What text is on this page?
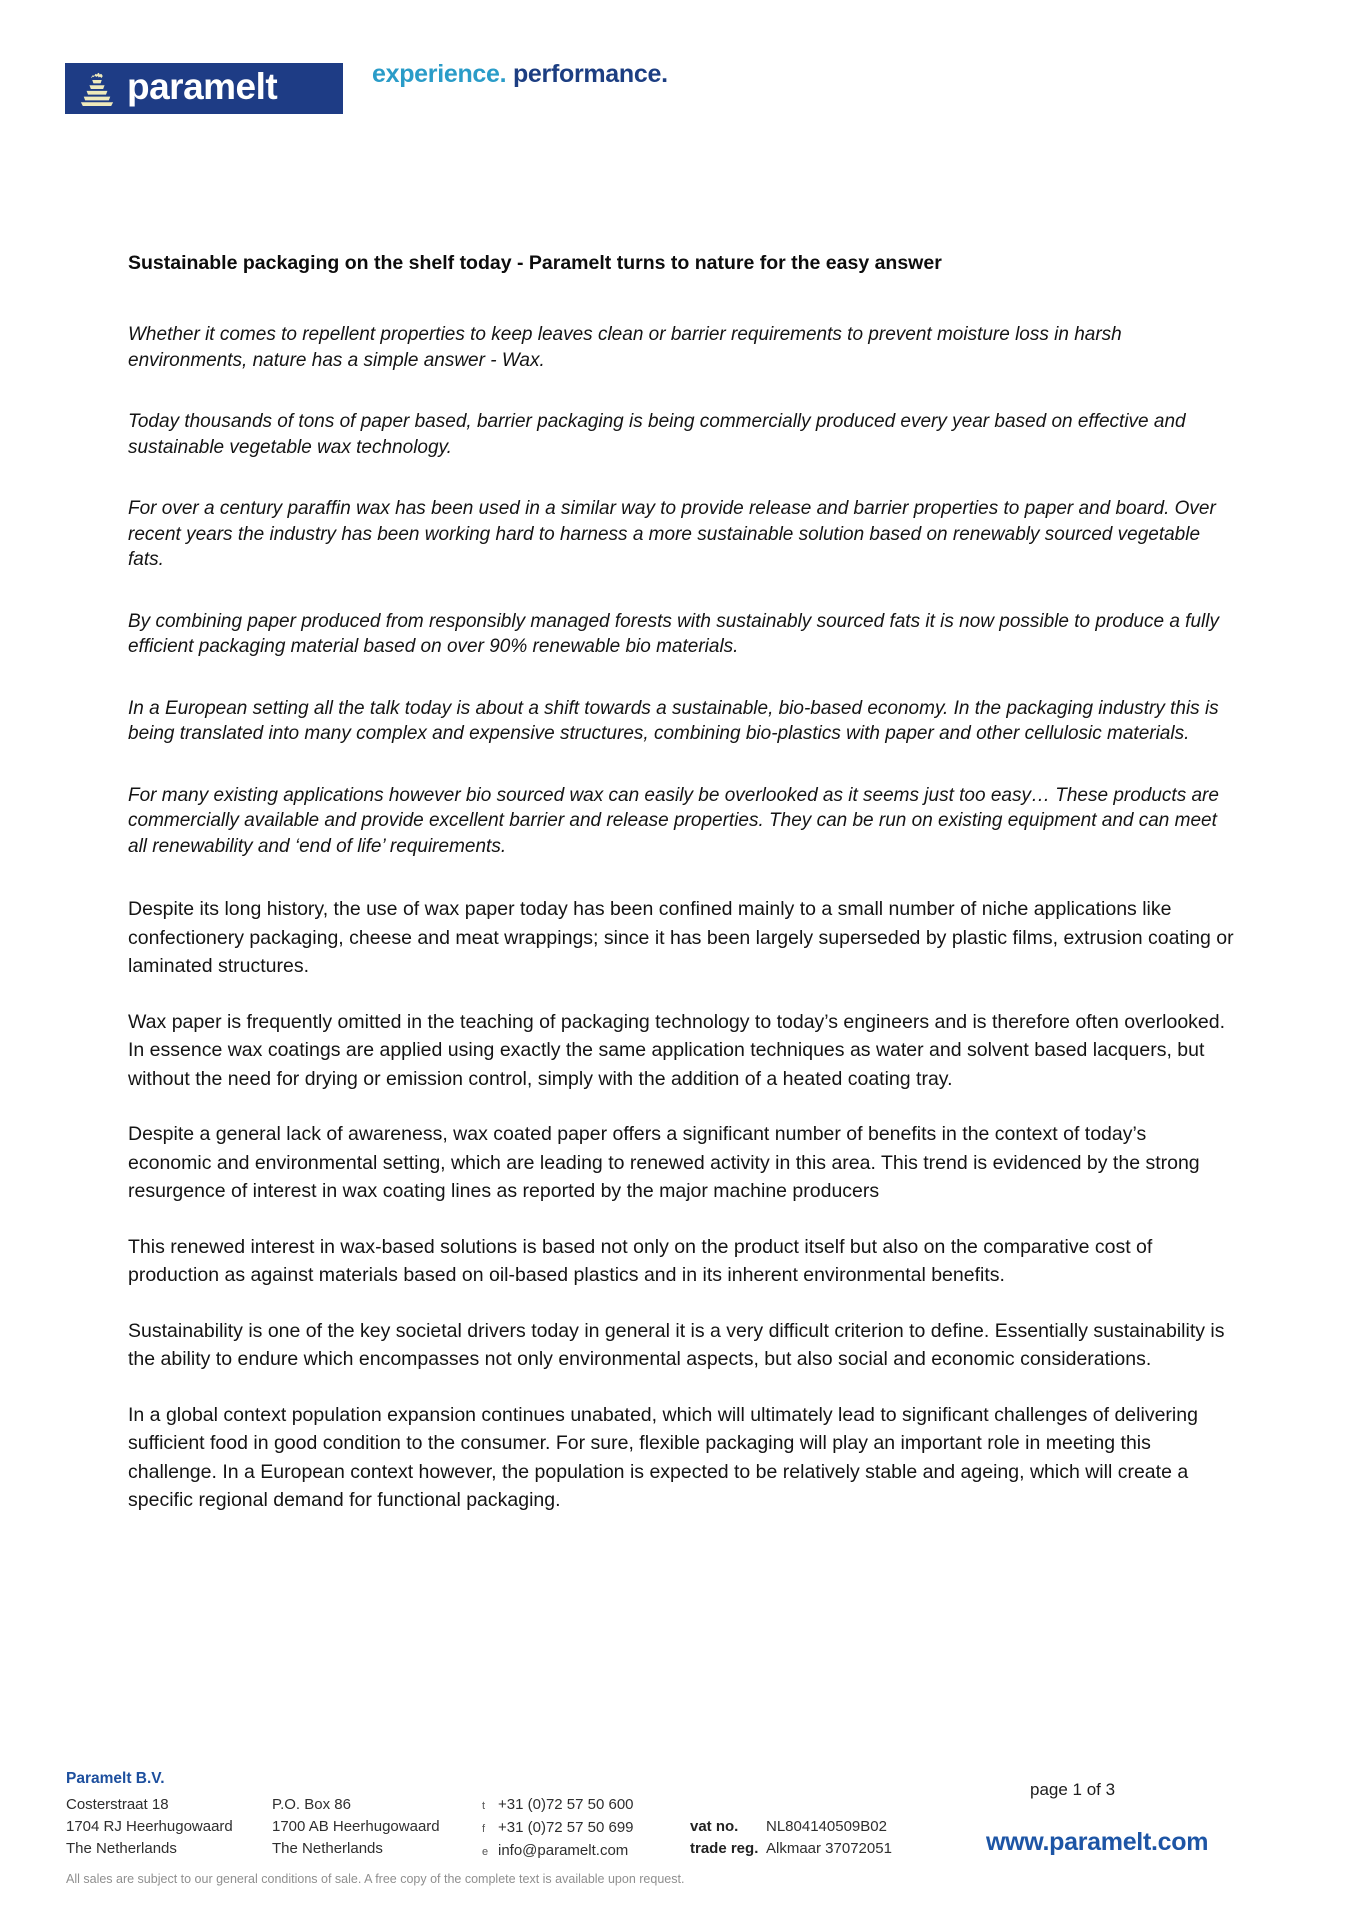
paramelt	experience. performance.
Sustainable packaging on the shelf today - Paramelt turns to nature for the easy answer

Whether it comes to repellent properties to keep leaves clean or barrier requirements to prevent moisture loss in harsh environments, nature has a simple answer - Wax.

Today thousands of tons of paper based, barrier packaging is being commercially produced every year based on effective and sustainable vegetable wax technology.

For over a century paraffin wax has been used in a similar way to provide release and barrier properties to paper and board. Over recent years the industry has been working hard to harness a more sustainable solution based on renewably sourced vegetable fats.

By combining paper produced from responsibly managed forests with sustainably sourced fats it is now possible to produce a fully efficient packaging material based on over 90% renewable bio materials.

In a European setting all the talk today is about a shift towards a sustainable, bio-based economy. In the packaging industry this is being translated into many complex and expensive structures, combining bio-plastics with paper and other cellulosic materials.

For many existing applications however bio sourced wax can easily be overlooked as it seems just too easy… These products are commercially available and provide excellent barrier and release properties. They can be run on existing equipment and can meet all renewability and ‘end of life’ requirements.

Despite its long history, the use of wax paper today has been confined mainly to a small number of niche applications like confectionery packaging, cheese and meat wrappings; since it has been largely superseded by plastic films, extrusion coating or laminated structures.

Wax paper is frequently omitted in the teaching of packaging technology to today’s engineers and is therefore often overlooked. In essence wax coatings are applied using exactly the same application techniques as water and solvent based lacquers, but without the need for drying or emission control, simply with the addition of a heated coating tray.

Despite a general lack of awareness, wax coated paper offers a significant number of benefits in the context of today’s economic and environmental setting, which are leading to renewed activity in this area. This trend is evidenced by the strong resurgence of interest in wax coating lines as reported by the major machine producers

This renewed interest in wax-based solutions is based not only on the product itself but also on the comparative cost of production as against materials based on oil-based plastics and in its inherent environmental benefits.

Sustainability is one of the key societal drivers today in general it is a very difficult criterion to define. Essentially sustainability is the ability to endure which encompasses not only environmental aspects, but also social and economic considerations.

In a global context population expansion continues unabated, which will ultimately lead to significant challenges of delivering sufficient food in good condition to the consumer. For sure, flexible packaging will play an important role in meeting this challenge. In a European context however, the population is expected to be relatively stable and ageing, which will create a specific regional demand for functional packaging.

Paramelt B.V.
Costerstraat 18
1704 RJ Heerhugowaard
The Netherlands
P.O. Box 86
1700 AB Heerhugowaard
The Netherlands
t +31 (0)72 57 50 600
f +31 (0)72 57 50 699
e info@paramelt.com
vat no.	NL804140509B02
trade reg. Alkmaar 37072051
page 1 of 3
www.paramelt.com
All sales are subject to our general conditions of sale. A free copy of the complete text is available upon request.
